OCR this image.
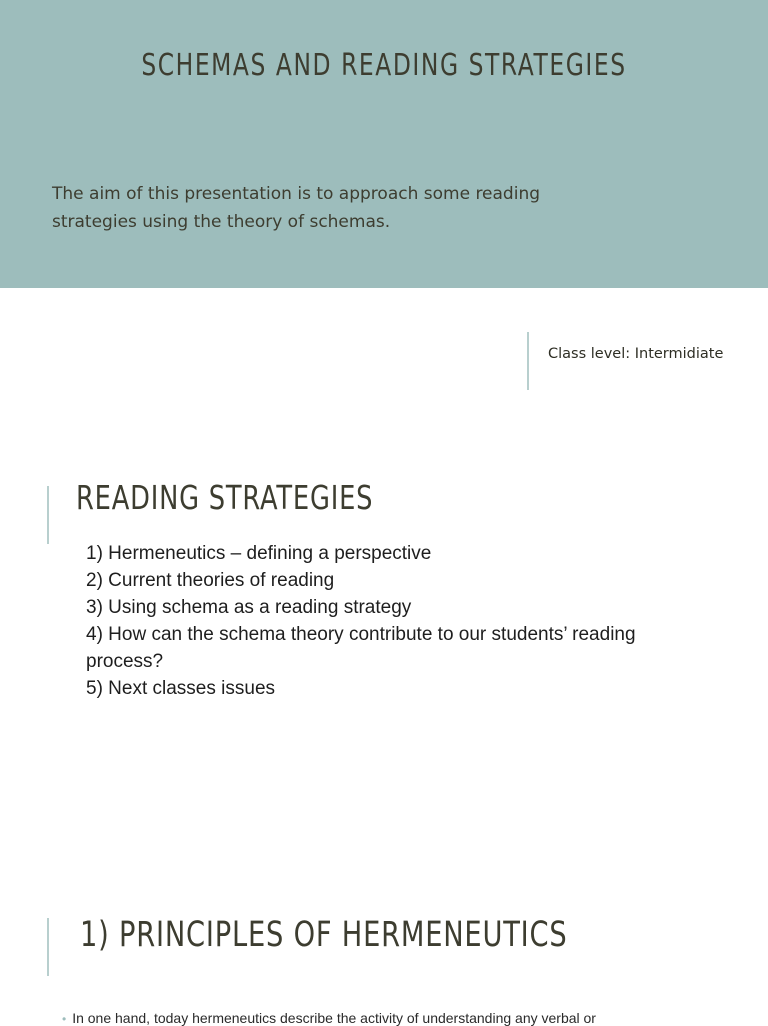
SCHEMAS AND READING STRATEGIES
The aim of this presentation is to approach some reading
strategies using the theory of schemas.
Class level: Intermidiate
READING STRATEGIES
1) Hermeneutics – defining a perspective
2) Current theories of reading
3) Using schema as a reading strategy
4) How can the schema theory contribute to our students’ reading process?
5) Next classes issues
1) PRINCIPLES OF HERMENEUTICS
• In one hand, today hermeneutics describe the activity of understanding any verbal or
